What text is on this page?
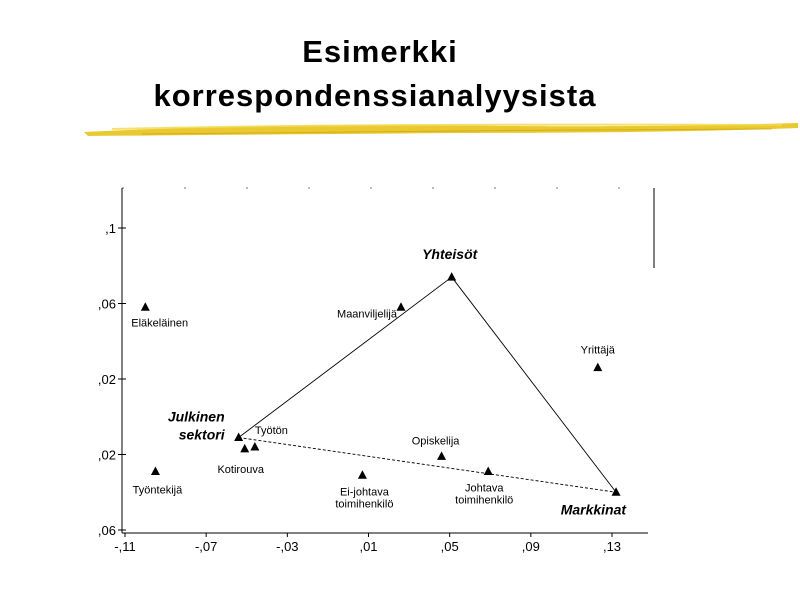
Esimerkki
korrespondenssianalyysista
,1
,06
,02
,02
,06
-,11	-,07	-,03	,01	,05	,09	,13
Eläkeläinen
Maanviljelijä
Yrittäjä
Työtön
Kotirouva
Opiskelija
Työntekijä	Ei-johtava toimihenkilö
Johtava toimihenkilö
Yhteisöt
Julkinen sektori
Markkinat
